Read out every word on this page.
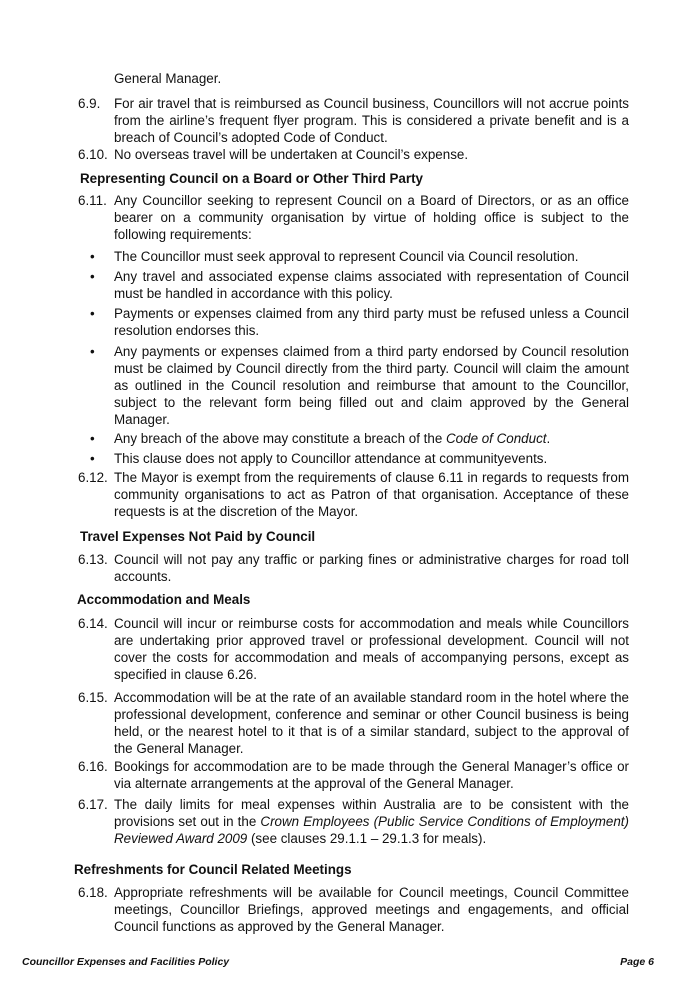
General Manager.
6.9. For air travel that is reimbursed as Council business, Councillors will not accrue points from the airline’s frequent flyer program. This is considered a private benefit and is a breach of Council’s adopted Code of Conduct.
6.10. No overseas travel will be undertaken at Council’s expense.
Representing Council on a Board or Other Third Party
6.11. Any Councillor seeking to represent Council on a Board of Directors, or as an office bearer on a community organisation by virtue of holding office is subject to the following requirements:
• The Councillor must seek approval to represent Council via Council resolution.
• Any travel and associated expense claims associated with representation of Council must be handled in accordance with this policy.
• Payments or expenses claimed from any third party must be refused unless a Council resolution endorses this.
• Any payments or expenses claimed from a third party endorsed by Council resolution must be claimed by Council directly from the third party. Council will claim the amount as outlined in the Council resolution and reimburse that amount to the Councillor, subject to the relevant form being filled out and claim approved by the General Manager.
• Any breach of the above may constitute a breach of the Code of Conduct.
• This clause does not apply to Councillor attendance at communityevents.
6.12. The Mayor is exempt from the requirements of clause 6.11 in regards to requests from community organisations to act as Patron of that organisation. Acceptance of these requests is at the discretion of the Mayor.
Travel Expenses Not Paid by Council
6.13. Council will not pay any traffic or parking fines or administrative charges for road toll accounts.
Accommodation and Meals
6.14. Council will incur or reimburse costs for accommodation and meals while Councillors are undertaking prior approved travel or professional development. Council will not cover the costs for accommodation and meals of accompanying persons, except as specified in clause 6.26.
6.15. Accommodation will be at the rate of an available standard room in the hotel where the professional development, conference and seminar or other Council business is being held, or the nearest hotel to it that is of a similar standard, subject to the approval of the General Manager.
6.16. Bookings for accommodation are to be made through the General Manager’s office or via alternate arrangements at the approval of the General Manager.
6.17. The daily limits for meal expenses within Australia are to be consistent with the provisions set out in the Crown Employees (Public Service Conditions of Employment) Reviewed Award 2009 (see clauses 29.1.1 – 29.1.3 for meals).
Refreshments for Council Related Meetings
6.18. Appropriate refreshments will be available for Council meetings, Council Committee meetings, Councillor Briefings, approved meetings and engagements, and official Council functions as approved by the General Manager.
Councillor Expenses and Facilities Policy	Page 6
